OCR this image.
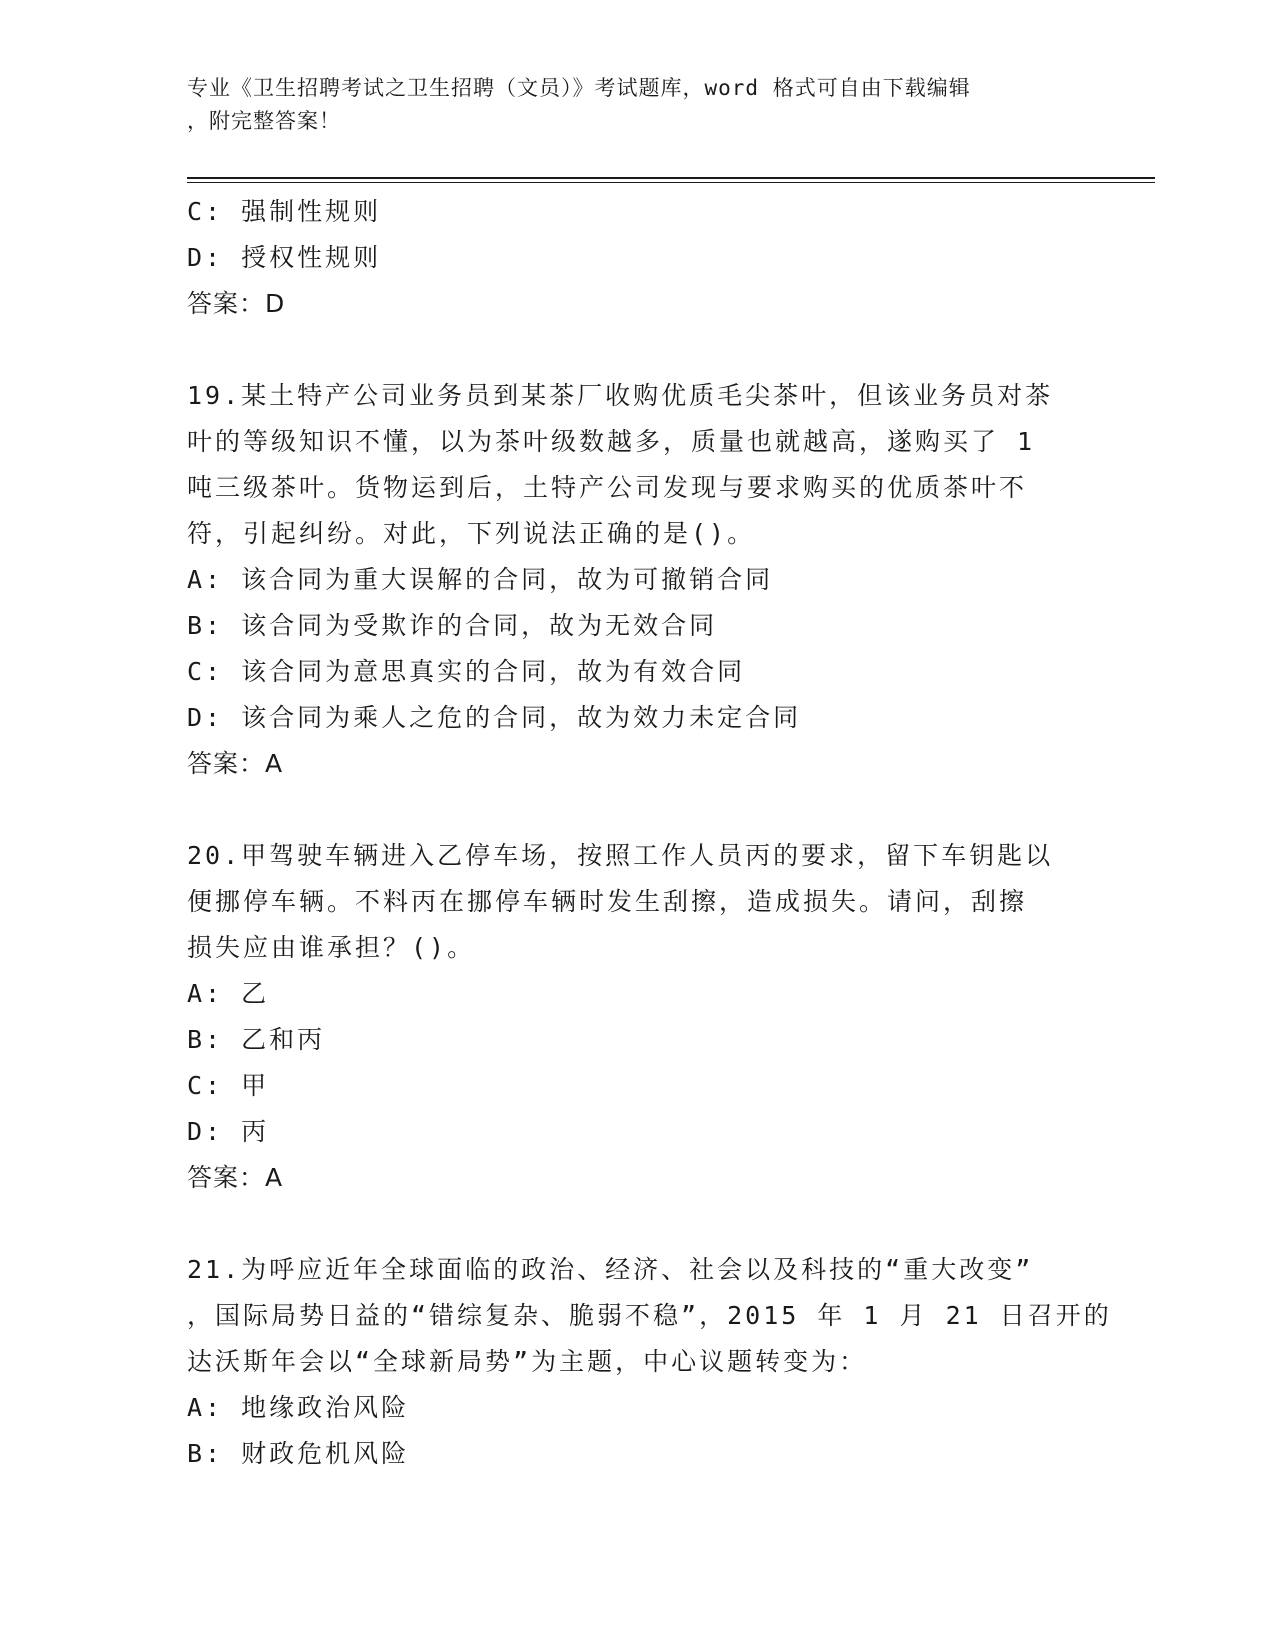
专业《卫生招聘考试之卫生招聘（文员）》考试题库，word 格式可自由下载编辑
，附完整答案！
C: 强制性规则
D: 授权性规则
答案：D
19.某土特产公司业务员到某茶厂收购优质毛尖茶叶，但该业务员对茶
叶的等级知识不懂，以为茶叶级数越多，质量也就越高，遂购买了 1
吨三级茶叶。货物运到后，土特产公司发现与要求购买的优质茶叶不
符，引起纠纷。对此，下列说法正确的是()。
A: 该合同为重大误解的合同，故为可撤销合同
B: 该合同为受欺诈的合同，故为无效合同
C: 该合同为意思真实的合同，故为有效合同
D: 该合同为乘人之危的合同，故为效力未定合同
答案：A
20.甲驾驶车辆进入乙停车场，按照工作人员丙的要求，留下车钥匙以
便挪停车辆。不料丙在挪停车辆时发生刮擦，造成损失。请问，刮擦
损失应由谁承担？()。
A: 乙
B: 乙和丙
C: 甲
D: 丙
答案：A
21.为呼应近年全球面临的政治、经济、社会以及科技的“重大改变”
，国际局势日益的“错综复杂、脆弱不稳”，2015 年 1 月 21 日召开的
达沃斯年会以“全球新局势”为主题，中心议题转变为：
A: 地缘政治风险
B: 财政危机风险
